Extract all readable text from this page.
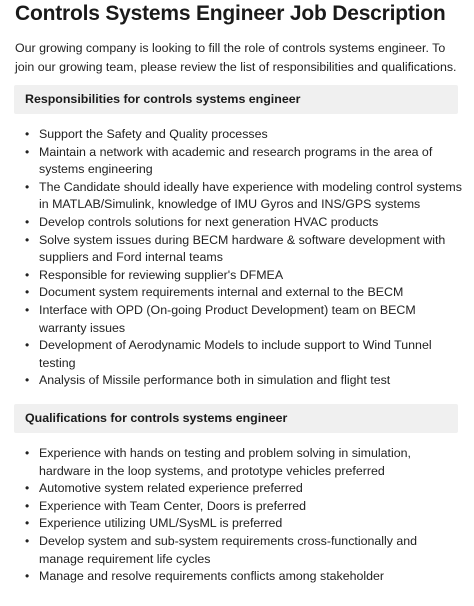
Controls Systems Engineer Job Description

Our growing company is looking to fill the role of controls systems engineer. To join our growing team, please review the list of responsibilities and qualifications.

Responsibilities for controls systems engineer
• Support the Safety and Quality processes
• Maintain a network with academic and research programs in the area of systems engineering
• The Candidate should ideally have experience with modeling control systems in MATLAB/Simulink, knowledge of IMU Gyros and INS/GPS systems
• Develop controls solutions for next generation HVAC products
• Solve system issues during BECM hardware & software development with suppliers and Ford internal teams
• Responsible for reviewing supplier's DFMEA
• Document system requirements internal and external to the BECM
• Interface with OPD (On-going Product Development) team on BECM warranty issues
• Development of Aerodynamic Models to include support to Wind Tunnel testing
• Analysis of Missile performance both in simulation and flight test
Qualifications for controls systems engineer
• Experience with hands on testing and problem solving in simulation, hardware in the loop systems, and prototype vehicles preferred
• Automotive system related experience preferred
• Experience with Team Center, Doors is preferred
• Experience utilizing UML/SysML is preferred
• Develop system and sub-system requirements cross-functionally and manage requirement life cycles
• Manage and resolve requirements conflicts among stakeholder
